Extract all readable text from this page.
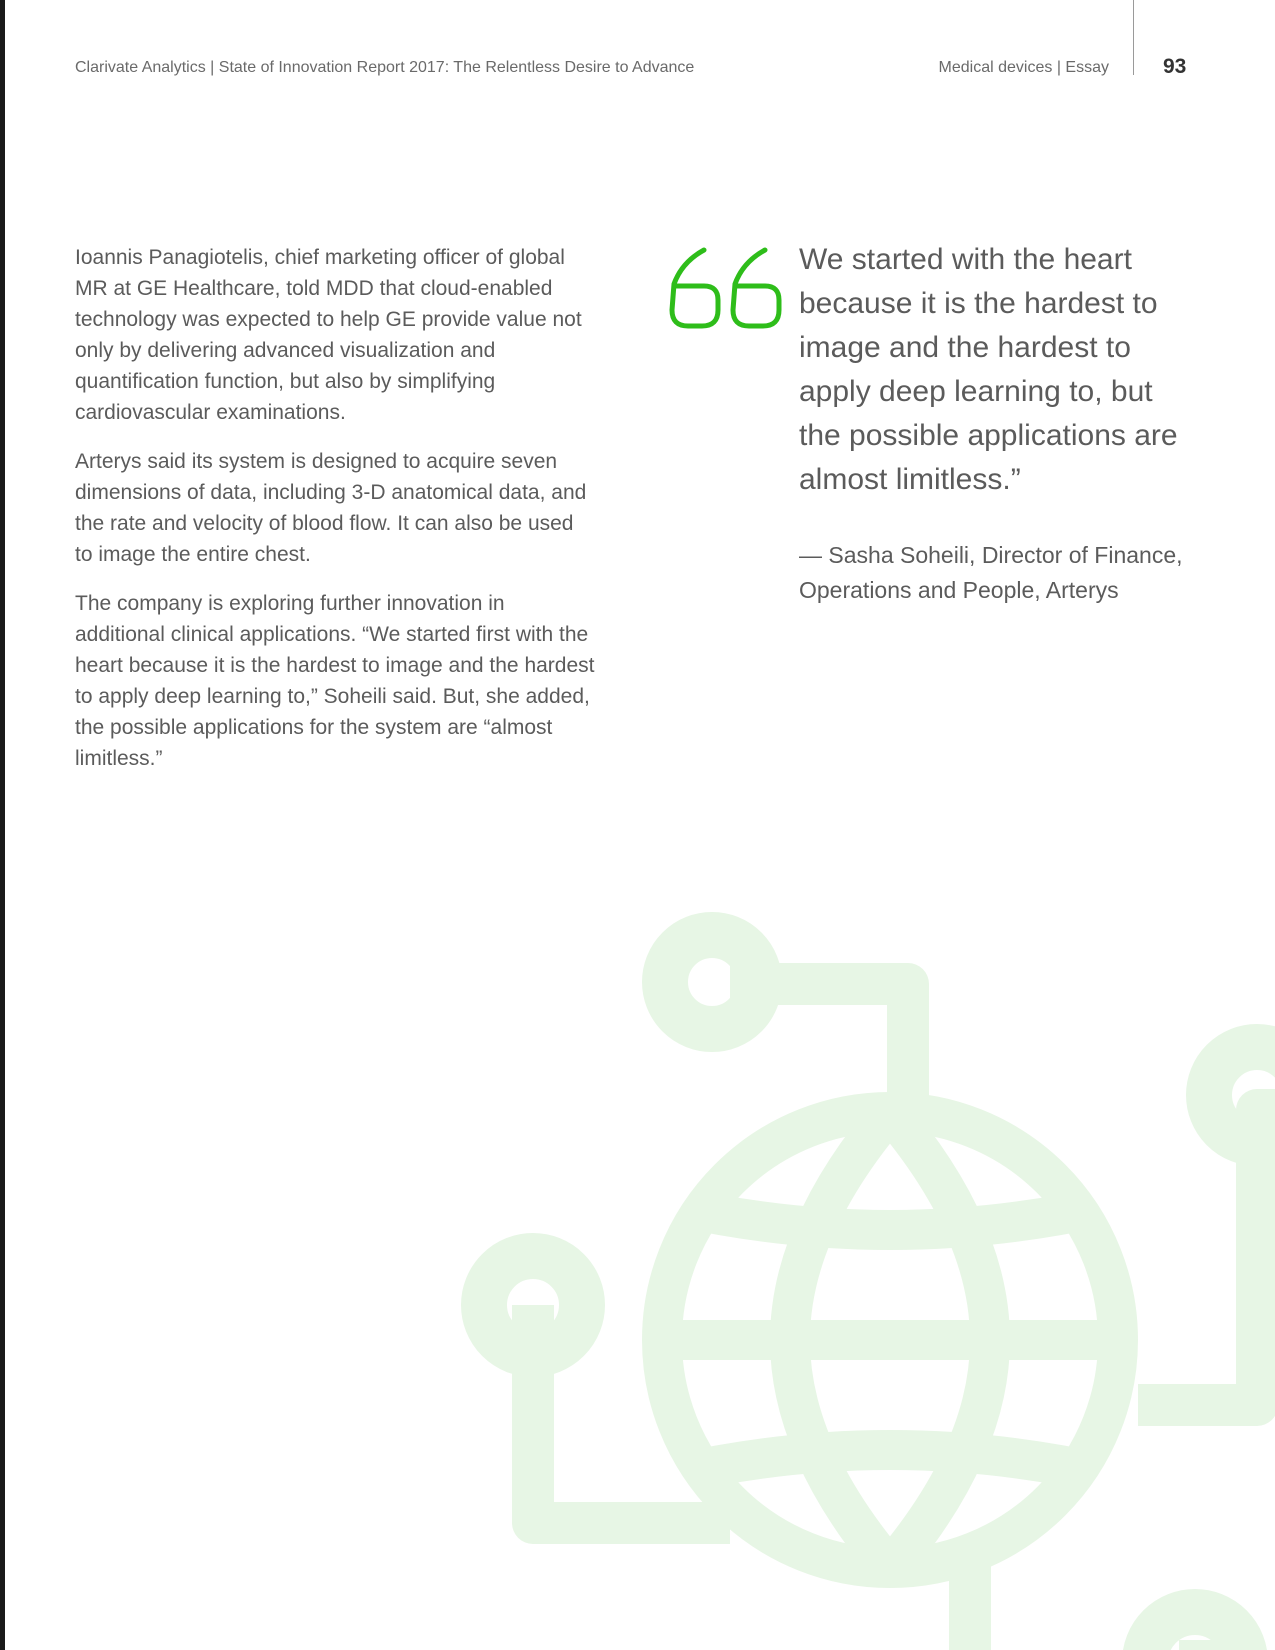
Clarivate Analytics | State of Innovation Report 2017: The Relentless Desire to Advance	Medical devices | Essay	93

Ioannis Panagiotelis, chief marketing officer of global MR at GE Healthcare, told MDD that cloud-enabled technology was expected to help GE provide value not only by delivering advanced visualization and quantification function, but also by simplifying cardiovascular examinations.

Arterys said its system is designed to acquire seven dimensions of data, including 3-D anatomical data, and the rate and velocity of blood flow. It can also be used to image the entire chest.

The company is exploring further innovation in additional clinical applications. “We started first with the heart because it is the hardest to image and the hardest to apply deep learning to,” Soheili said. But, she added, the possible applications for the system are “almost limitless.”

We started with the heart because it is the hardest to image and the hardest to apply deep learning to, but the possible applications are almost limitless.”
— Sasha Soheili, Director of Finance, Operations and People, Arterys
